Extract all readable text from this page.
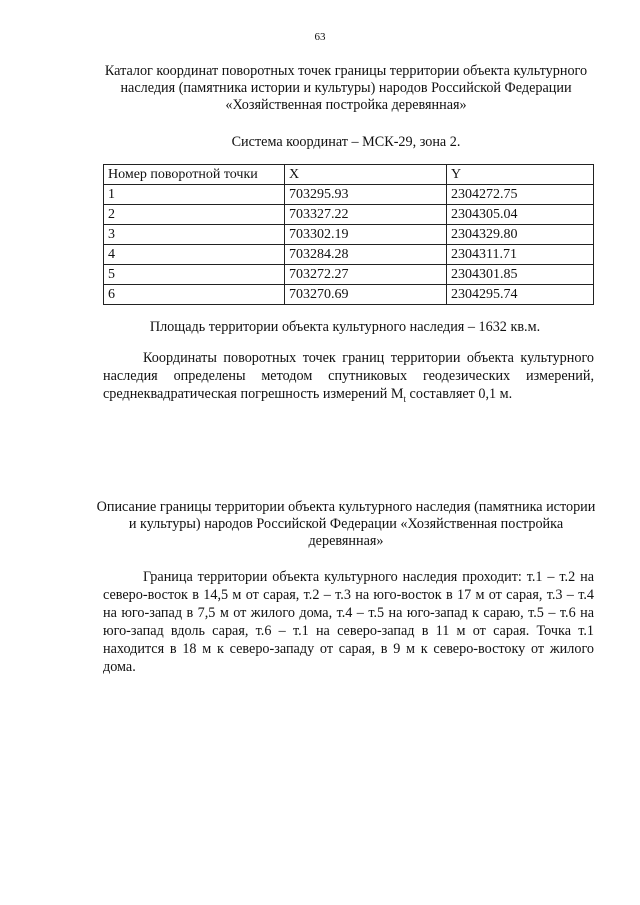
63
Каталог координат поворотных точек границы территории объекта культурного наследия (памятника истории и культуры) народов Российской Федерации «Хозяйственная постройка деревянная»
Система координат – МСК-29, зона 2.
Номер поворотной точки	X	Y
1	703295.93	2304272.75
2	703327.22	2304305.04
3	703302.19	2304329.80
4	703284.28	2304311.71
5	703272.27	2304301.85
6	703270.69	2304295.74
Площадь территории объекта культурного наследия – 1632 кв.м.

Координаты поворотных точек границ территории объекта культурного наследия определены методом спутниковых геодезических измерений, среднеквадратическая погрешность измерений $M_t$ составляет 0,1 м.

Описание границы территории объекта культурного наследия (памятника истории и культуры) народов Российской Федерации «Хозяйственная постройка деревянная»

Граница территории объекта культурного наследия проходит: т.1 – т.2 на северо-восток в 14,5 м от сарая, т.2 – т.3 на юго-восток в 17 м от сарая, т.3 – т.4 на юго-запад в 7,5 м от жилого дома, т.4 – т.5 на юго-запад к сараю, т.5 – т.6 на юго-запад вдоль сарая, т.6 – т.1 на северо-запад в 11 м от сарая. Точка т.1 находится в 18 м к северо-западу от сарая, в 9 м к северо-востоку от жилого дома.
